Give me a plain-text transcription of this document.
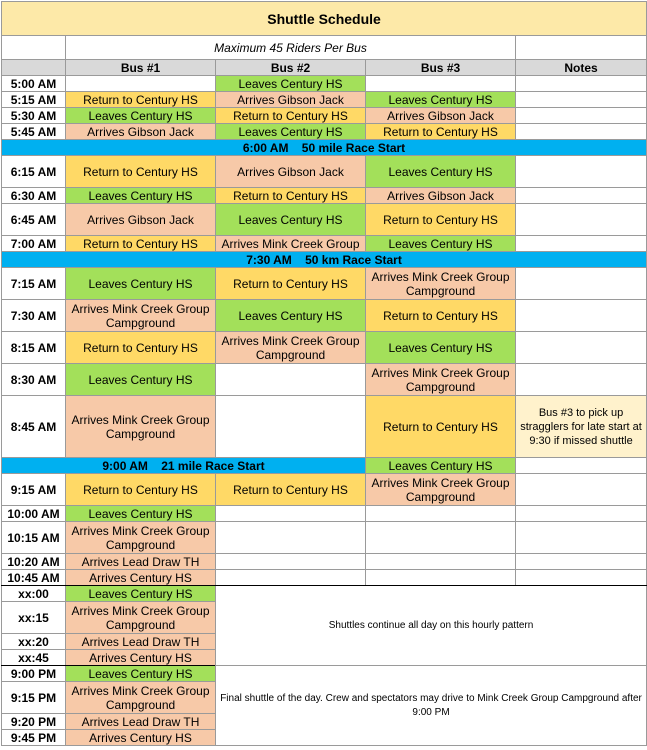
Shuttle Schedule				
	Maximum 45 Riders Per Bus			
	Bus #1	Bus #2	Bus #3	Notes
5:00 AM		Leaves Century HS		
5:15 AM	Return to Century HS	Arrives Gibson Jack	Leaves Century HS	
5:30 AM	Leaves Century HS	Return to Century HS	Arrives Gibson Jack	
5:45 AM	Arrives Gibson Jack	Leaves Century HS	Return to Century HS	
6:00 AM    50 mile Race Start				
6:15 AM	Return to Century HS	Arrives Gibson Jack	Leaves Century HS	
6:30 AM	Leaves Century HS	Return to Century HS	Arrives Gibson Jack	
6:45 AM	Arrives Gibson Jack	Leaves Century HS	Return to Century HS	
7:00 AM	Return to Century HS	Arrives Mink Creek Group	Leaves Century HS	
7:30 AM    50 km Race Start				
7:15 AM	Leaves Century HS	Return to Century HS	Arrives Mink Creek Group Campground	
7:30 AM	Arrives Mink Creek Group Campground	Leaves Century HS	Return to Century HS	
8:15 AM	Return to Century HS	Arrives Mink Creek Group Campground	Leaves Century HS	
8:30 AM	Leaves Century HS		Arrives Mink Creek Group Campground	
8:45 AM	Arrives Mink Creek Group Campground		Return to Century HS	Bus #3 to pick up stragglers for late start at 9:30 if missed shuttle
9:00 AM    21 mile Race Start			Leaves Century HS	
9:15 AM	Return to Century HS	Return to Century HS	Arrives Mink Creek Group Campground	
10:00 AM	Leaves Century HS			
10:15 AM	Arrives Mink Creek Group Campground			
10:20 AM	Arrives Lead Draw TH			
10:45 AM	Arrives Century HS			
xx:00	Leaves Century HS	Shuttles continue all day on this hourly pattern		
xx:15	Arrives Mink Creek Group Campground			
xx:20	Arrives Lead Draw TH			
xx:45	Arrives Century HS			
9:00 PM	Leaves Century HS	Final shuttle of the day. Crew and spectators may drive to Mink Creek Group Campground after 9:00 PM		
9:15 PM	Arrives Mink Creek Group Campground			
9:20 PM	Arrives Lead Draw TH			
9:45 PM	Arrives Century HS			
